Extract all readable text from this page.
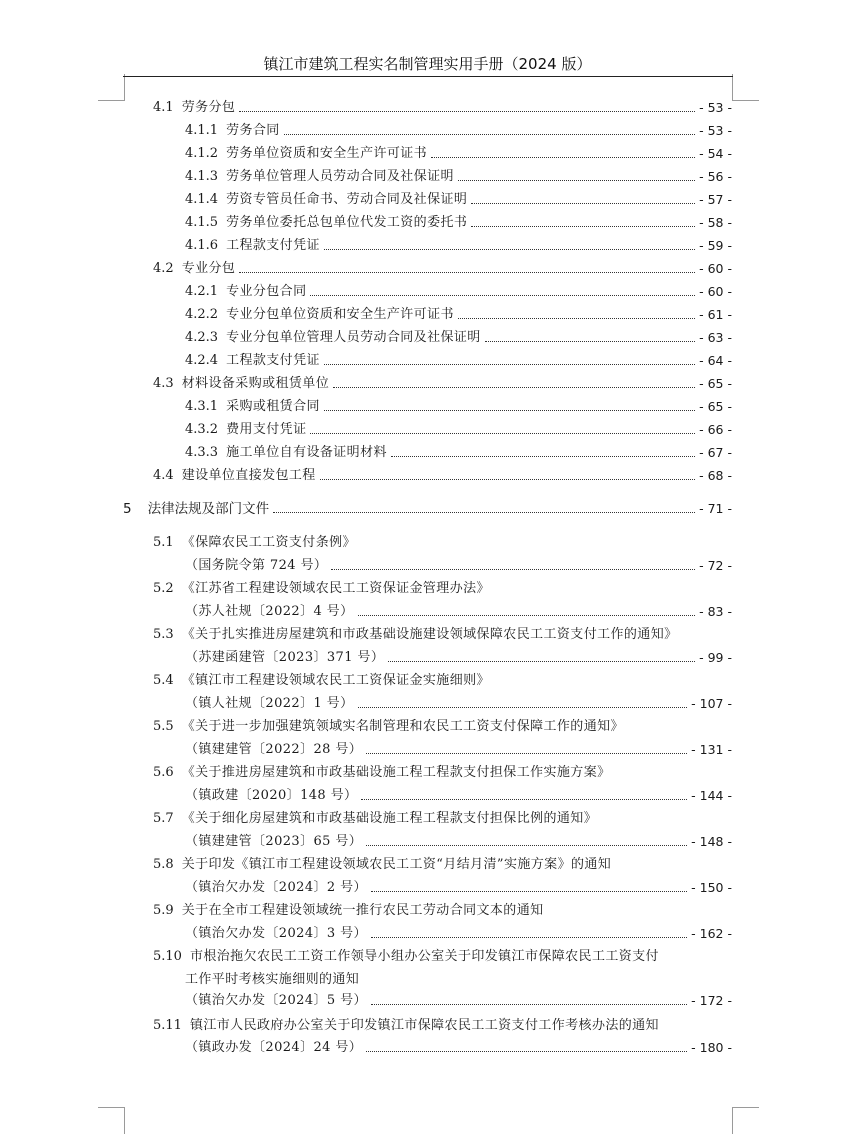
镇江市建筑工程实名制管理实用手册（2024 版）
4.1 劳务分包	- 53 -
4.1.1 劳务合同	- 53 -
4.1.2 劳务单位资质和安全生产许可证书	- 54 -
4.1.3 劳务单位管理人员劳动合同及社保证明	- 56 -
4.1.4 劳资专管员任命书、劳动合同及社保证明	- 57 -
4.1.5 劳务单位委托总包单位代发工资的委托书	- 58 -
4.1.6 工程款支付凭证	- 59 -
4.2 专业分包	- 60 -
4.2.1 专业分包合同	- 60 -
4.2.2 专业分包单位资质和安全生产许可证书	- 61 -
4.2.3 专业分包单位管理人员劳动合同及社保证明	- 63 -
4.2.4 工程款支付凭证	- 64 -
4.3 材料设备采购或租赁单位	- 65 -
4.3.1 采购或租赁合同	- 65 -
4.3.2 费用支付凭证	- 66 -
4.3.3 施工单位自有设备证明材料	- 67 -
4.4 建设单位直接发包工程	- 68 -
5 法律法规及部门文件	- 71 -
5.1 《保障农民工工资支付条例》
（国务院令第 724 号）	- 72 -
5.2 《江苏省工程建设领域农民工工资保证金管理办法》
（苏人社规〔2022〕4 号）	- 83 -
5.3 《关于扎实推进房屋建筑和市政基础设施建设领域保障农民工工资支付工作的通知》
（苏建函建管〔2023〕371 号）	- 99 -
5.4 《镇江市工程建设领域农民工工资保证金实施细则》
（镇人社规〔2022〕1 号）	- 107 -
5.5 《关于进一步加强建筑领域实名制管理和农民工工资支付保障工作的通知》
（镇建建管〔2022〕28 号）	- 131 -
5.6 《关于推进房屋建筑和市政基础设施工程工程款支付担保工作实施方案》
（镇政建〔2020〕148 号）	- 144 -
5.7 《关于细化房屋建筑和市政基础设施工程工程款支付担保比例的通知》
（镇建建管〔2023〕65 号）	- 148 -
5.8 关于印发《镇江市工程建设领域农民工工资“月结月清”实施方案》的通知
（镇治欠办发〔2024〕2 号）	- 150 -
5.9 关于在全市工程建设领域统一推行农民工劳动合同文本的通知
（镇治欠办发〔2024〕3 号）	- 162 -
5.10 市根治拖欠农民工工资工作领导小组办公室关于印发镇江市保障农民工工资支付
工作平时考核实施细则的通知
（镇治欠办发〔2024〕5 号）	- 172 -
5.11 镇江市人民政府办公室关于印发镇江市保障农民工工资支付工作考核办法的通知
（镇政办发〔2024〕24 号）	- 180 -
